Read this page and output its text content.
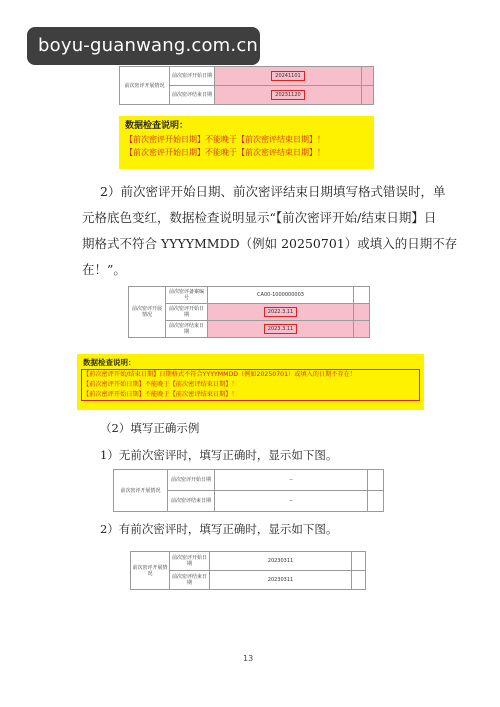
boyu-guanwang.com.cn
前次密评开展情况	前次密评开始日期	20241101	
	前次密评结束日期	20231120	
数据检查说明：
【前次密评开始日期】不能晚于【前次密评结束日期】！
【前次密评开始日期】不能晚于【前次密评结束日期】！
2）前次密评开始日期、前次密评结束日期填写格式错误时，单
元格底色变红，数据检查说明显示“【前次密评开始/结束日期】日
期格式不符合 YYYYMMDD（例如 20250701）或填入的日期不存
在！”。
前次密评开展情况	前次密评备案编号	CA00-1000000003	
	前次密评开始日期	2022.3.11	
	前次密评结束日期	2023.3.11	
数据检查说明：
【前次密评开始/结束日期】日期格式不符合YYYYMMDD（例如20250701）或填入的日期不存在！
【前次密评开始日期】不能晚于【前次密评结束日期】！
【前次密评开始日期】不能晚于【前次密评结束日期】！
（2）填写正确示例
1）无前次密评时，填写正确时，显示如下图。
前次密评开展情况	前次密评开始日期	--	
	前次密评结束日期	--	
2）有前次密评时，填写正确时，显示如下图。
前次密评开展情况	前次密评开始日期	20230311	
	前次密评结束日期	20230311	
13
